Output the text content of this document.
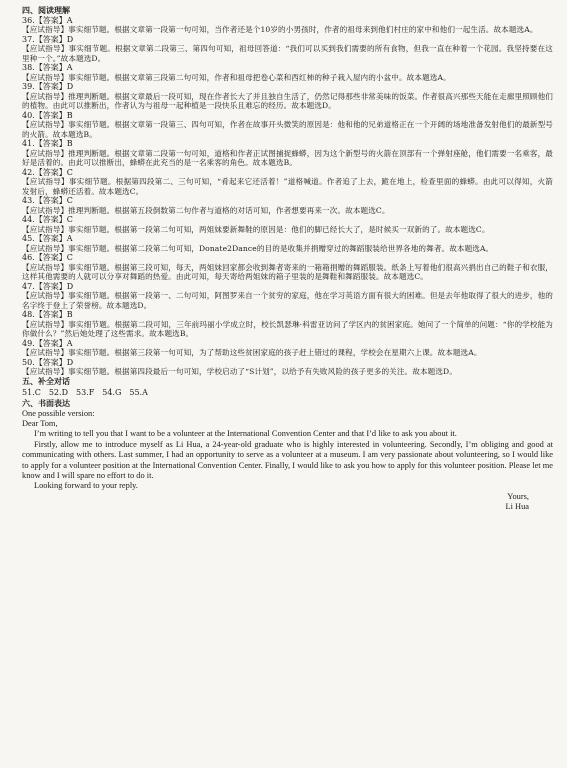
四、阅读理解
36.【答案】A
【应试指导】事实细节题。根据文章第一段第一句可知，当作者还是个10岁的小男孩时，作者的祖母来到他们村庄的家中和他们一起生活。故本题选A。
37.【答案】D
【应试指导】事实细节题。根据文章第二段第三、第四句可知，祖母回答道：“我们可以买到我们需要的所有食物，但我一直在种着一个花园。我坚持要在这里种一个。”故本题选D。
38.【答案】A
【应试指导】事实细节题。根据文章第三段第二句可知，作者和祖母把卷心菜和西红柿的种子栽入屋内的小盆中。故本题选A。
39.【答案】D
【应试指导】推理判断题。根据文章最后一段可知，现在作者长大了并且独自生活了，仍然记得那些非常美味的饭菜。作者很高兴那些天能在走廊里照顾他们的植物。由此可以推断出，作者认为与祖母一起种植是一段快乐且难忘的经历。故本题选D。
40.【答案】B
【应试指导】事实细节题。根据文章第一段第三、四句可知，作者在故事开头微笑的原因是：他和他的兄弟道格正在一个开阔的场地准备发射他们的最新型号的火箭。故本题选B。
41.【答案】B
【应试指导】推理判断题。根据文章第二段第一句可知，道格和作者正试图捕捉蜂蟒，因为这个新型号的火箭在顶部有一个弹射座舱，他们需要一名乘客，最好是活着的。由此可以推断出，蜂蟒在此充当的是一名乘客的角色。故本题选B。
42.【答案】C
【应试指导】事实细节题。根据第四段第二、三句可知，“肴起来它还活着！”道格喊道。作者追了上去，跪在地上，检查里面的蜂蟒。由此可以得知，火箭发射后，蜂蟒还活着。故本题选C。
43.【答案】C
【应试指导】推理判断题。根据第五段倒数第二句作者与道格的对话可知，作者想要再来一次。故本题选C。
44.【答案】C
【应试指导】事实细节题。根据第一段第二句可知，两姐妹要新舞鞋的原因是：他们的脚已经长大了，是时候买一双新的了。故本题选C。
45.【答案】A
【应试指导】事实细节题。根据第二段第二句可知，Donate2Dance的目的是收集并捐赠穿过的舞蹈服装给世界各地的舞者。故本题选A。
46.【答案】C
【应试指导】事实细节题。根据第三段可知，每天，两姐妹回家都会收到舞者寄来的一箱箱捐赠的舞蹈服装。纸条上写着他们很高兴捐出自己的鞋子和衣服，这样其他需要的人就可以分享对舞蹈的热爱。由此可知，每天寄给两姐妹的箱子里装的是舞鞋和舞蹈服装。故本题选C。
47.【答案】D
【应试指导】事实细节题。根据第一段第一、二句可知，阿图罗来自一个贫穷的家庭，他在学习英语方面有很大的困难。但是去年他取得了很大的进步，他的名字终于登上了荣誉榜。故本题选D。
48.【答案】B
【应试指导】事实细节题。根据第二段可知，三年前玛丽小学成立时，校长凯瑟琳·科雷亚访问了学区内的贫困家庭。她问了一个简单的问题：“你的学校能为你做什么？”然后她处理了这些需求。故本题选B。
49.【答案】A
【应试指导】事实细节题。根据第三段第一句可知，为了帮助这些贫困家庭的孩子赶上错过的课程，学校会在星期六上课。故本题选A。
50.【答案】D
【应试指导】事实细节题。根据第四段最后一句可知，学校启动了“S计划”，以给予有失败风险的孩子更多的关注。故本题选D。
五、补全对话
51.C　52.D　53.F　54.G　55.A
六、书面表达
One possible version:
Dear Tom,
I’m writing to tell you that I want to be a volunteer at the International Convention Center and that I’d like to ask you about it.
Firstly, allow me to introduce myself as Li Hua, a 24-year-old graduate who is highly interested in volunteering. Secondly, I’m obliging and good at communicating with others. Last summer, I had an opportunity to serve as a volunteer at a museum. I am very passionate about volunteering, so I would like to apply for a volunteer position at the International Convention Center. Finally, I would like to ask you how to apply for this volunteer position. Please let me know and I will spare no effort to do it.
Looking forward to your reply.
Yours,
Li Hua
